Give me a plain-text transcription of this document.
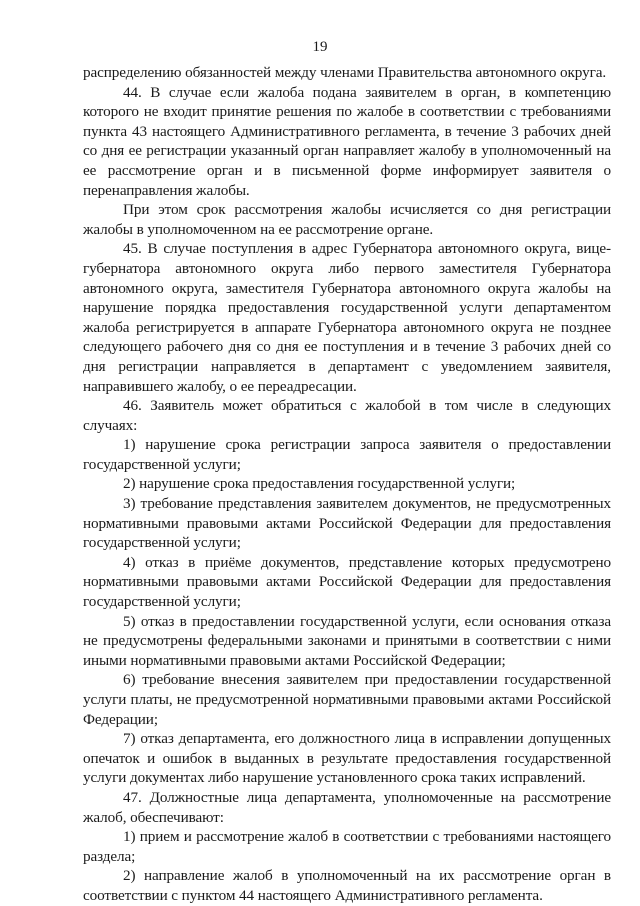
19

распределению обязанностей между членами Правительства автономного округа.

44. В случае если жалоба подана заявителем в орган, в компетенцию которого не входит принятие решения по жалобе в соответствии с требованиями пункта 43 настоящего Административного регламента, в течение 3 рабочих дней со дня ее регистрации указанный орган направляет жалобу в уполномоченный на ее рассмотрение орган и в письменной форме информирует заявителя о перенаправления жалобы.

При этом срок рассмотрения жалобы исчисляется со дня регистрации жалобы в уполномоченном на ее рассмотрение органе.

45. В случае поступления в адрес Губернатора автономного округа, вице-губернатора автономного округа либо первого заместителя Губернатора автономного округа, заместителя Губернатора автономного округа жалобы на нарушение порядка предоставления государственной услуги департаментом жалоба регистрируется в аппарате Губернатора автономного округа не позднее следующего рабочего дня со дня ее поступления и в течение 3 рабочих дней со дня регистрации направляется в департамент с уведомлением заявителя, направившего жалобу, о ее переадресации.

46. Заявитель может обратиться с жалобой в том числе в следующих случаях:

1) нарушение срока регистрации запроса заявителя о предоставлении государственной услуги;

2) нарушение срока предоставления государственной услуги;

3) требование представления заявителем документов, не предусмотренных нормативными правовыми актами Российской Федерации для предоставления государственной услуги;

4) отказ в приёме документов, представление которых предусмотрено нормативными правовыми актами Российской Федерации для предоставления государственной услуги;

5) отказ в предоставлении государственной услуги, если основания отказа не предусмотрены федеральными законами и принятыми в соответствии с ними иными нормативными правовыми актами Российской Федерации;

6) требование внесения заявителем при предоставлении государственной услуги платы, не предусмотренной нормативными правовыми актами Российской Федерации;

7) отказ департамента, его должностного лица в исправлении допущенных опечаток и ошибок в выданных в результате предоставления государственной услуги документах либо нарушение установленного срока таких исправлений.

47. Должностные лица департамента, уполномоченные на рассмотрение жалоб, обеспечивают:

1) прием и рассмотрение жалоб в соответствии с требованиями настоящего раздела;

2) направление жалоб в уполномоченный на их рассмотрение орган в соответствии с пунктом 44 настоящего Административного регламента.
